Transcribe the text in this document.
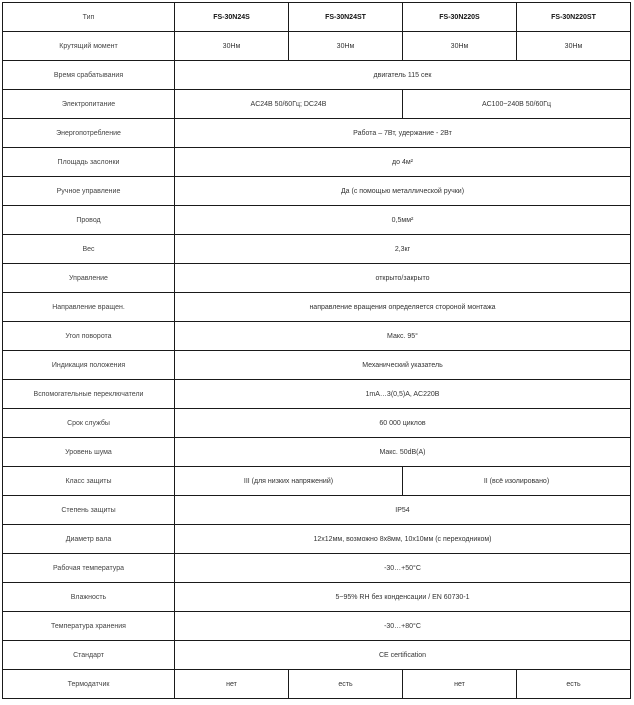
Тип	FS-30N24S	FS-30N24ST	FS-30N220S	FS-30N220ST
Крутящий момент	30Нм	30Нм	30Нм	30Нм
Время срабатывания	двигатель 115 сек			
Электропитание	AC24В 50/60Гц; DC24В		AC100~240В 50/60Гц	
Энергопотребление	Работа – 7Вт, удержание - 2Вт			
Площадь заслонки	до 4м²			
Ручное управление	Да (с помощью металлической ручки)			
Провод	0,5мм²			
Вес	2,3кг			
Управление	открыто/закрыто			
Направление вращен.	направление вращения определяется стороной монтажа			
Угол поворота	Макс. 95°			
Индикация положения	Механический указатель			
Вспомогательные переключатели	1mA…3(0,5)A, AC220В			
Срок службы	60 000 циклов			
Уровень шума	Макс. 50dB(A)			
Класс защиты	III (для низких напряжений)		II (всё изолировано)	
Степень защиты	IP54			
Диаметр вала	12x12мм, возможно 8x8мм, 10x10мм (с переходником)			
Рабочая температура	-30…+50°C			
Влажность	5~95% RH без конденсации / EN 60730-1			
Температура хранения	-30…+80°C			
Стандарт	CE certification			
Термодатчик	нет	есть	нет	есть
